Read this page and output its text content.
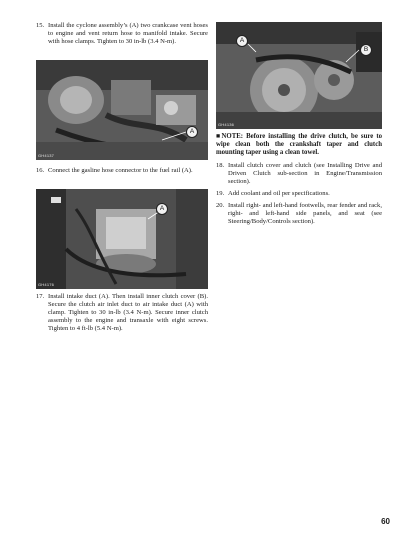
15. Install the cyclone assembly’s (A) two crankcase vent hoses to engine and vent return hose to manifold intake. Secure with hose clamps. Tighten to 30 in-lb (3.4 N-m).
A
GH4137
16. Connect the gasline hose connector to the fuel rail (A).
A
GH4176
17. Install intake duct (A). Then install inner clutch cover (B). Secure the clutch air inlet duct to air intake duct (A) with clamp. Tighten to 30 in-lb (3.4 N-m). Secure inner clutch assembly to the engine and transaxle with eight screws. Tighten to 4 ft-lb (5.4 N-m).
A
B
GH4136
■NOTE: Before installing the drive clutch, be sure to wipe clean both the crankshaft taper and clutch mounting taper using a clean towel.
18. Install clutch cover and clutch (see Installing Drive and Driven Clutch sub-section in Engine/Transmission section).
19. Add coolant and oil per specifications.
20. Install right- and left-hand footwells, rear fender and rack, right- and left-hand side panels, and seat (see Steering/Body/Controls section).
60
